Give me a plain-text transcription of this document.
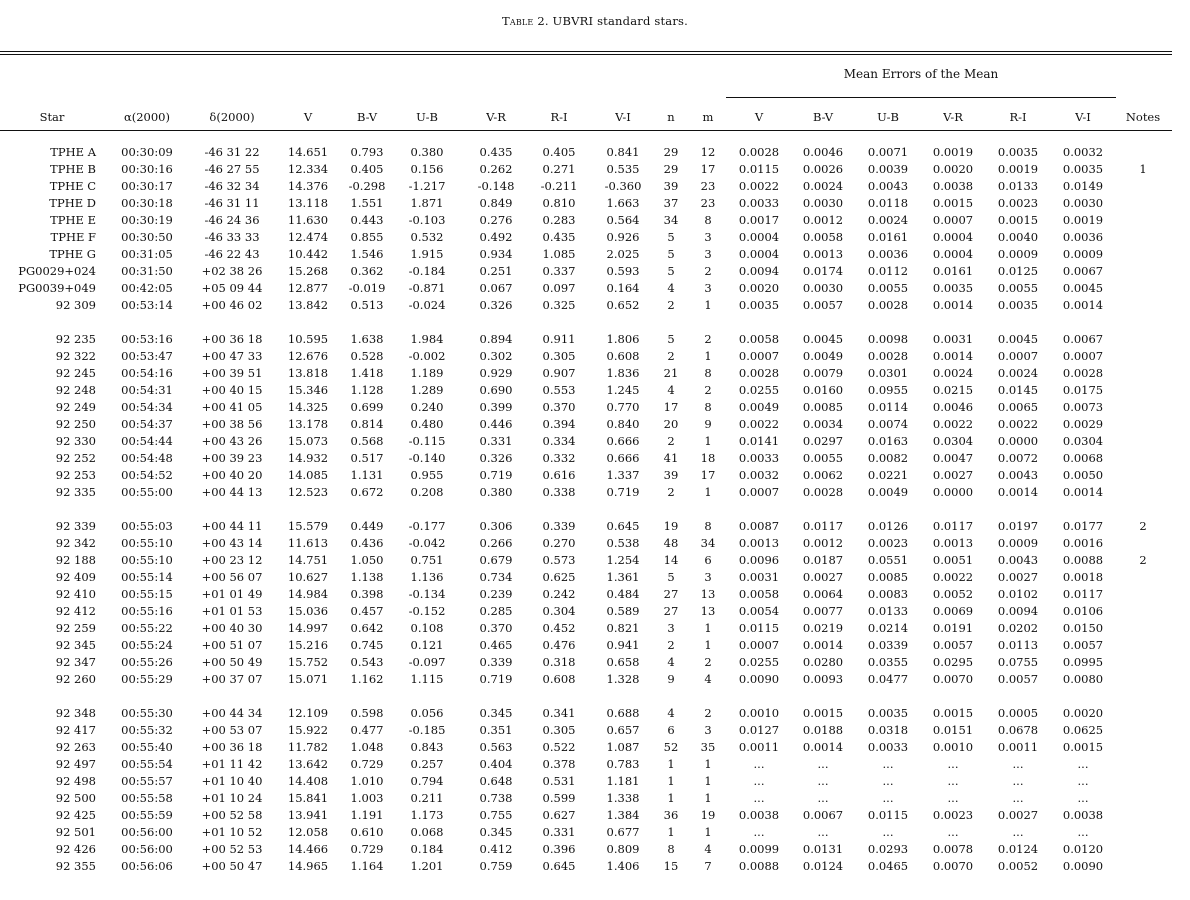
Table 2. UBVRI standard stars.
Mean Errors of the Mean
Star	α(2000)	δ(2000)	V	B-V	U-B	V-R	R-I	V-I	n	m	V	B-V	U-B	V-R	R-I	V-I	Notes
TPHE A	00:30:09	-46 31 22	14.651	0.793	0.380	0.435	0.405	0.841	29	12	0.0028	0.0046	0.0071	0.0019	0.0035	0.0032
TPHE B	00:30:16	-46 27 55	12.334	0.405	0.156	0.262	0.271	0.535	29	17	0.0115	0.0026	0.0039	0.0020	0.0019	0.0035	1
TPHE C	00:30:17	-46 32 34	14.376	-0.298	-1.217	-0.148	-0.211	-0.360	39	23	0.0022	0.0024	0.0043	0.0038	0.0133	0.0149
TPHE D	00:30:18	-46 31 11	13.118	1.551	1.871	0.849	0.810	1.663	37	23	0.0033	0.0030	0.0118	0.0015	0.0023	0.0030
TPHE E	00:30:19	-46 24 36	11.630	0.443	-0.103	0.276	0.283	0.564	34	8	0.0017	0.0012	0.0024	0.0007	0.0015	0.0019
TPHE F	00:30:50	-46 33 33	12.474	0.855	0.532	0.492	0.435	0.926	5	3	0.0004	0.0058	0.0161	0.0004	0.0040	0.0036
TPHE G	00:31:05	-46 22 43	10.442	1.546	1.915	0.934	1.085	2.025	5	3	0.0004	0.0013	0.0036	0.0004	0.0009	0.0009
PG0029+024	00:31:50	+02 38 26	15.268	0.362	-0.184	0.251	0.337	0.593	5	2	0.0094	0.0174	0.0112	0.0161	0.0125	0.0067
PG0039+049	00:42:05	+05 09 44	12.877	-0.019	-0.871	0.067	0.097	0.164	4	3	0.0020	0.0030	0.0055	0.0035	0.0055	0.0045
92 309	00:53:14	+00 46 02	13.842	0.513	-0.024	0.326	0.325	0.652	2	1	0.0035	0.0057	0.0028	0.0014	0.0035	0.0014
92 235	00:53:16	+00 36 18	10.595	1.638	1.984	0.894	0.911	1.806	5	2	0.0058	0.0045	0.0098	0.0031	0.0045	0.0067
92 322	00:53:47	+00 47 33	12.676	0.528	-0.002	0.302	0.305	0.608	2	1	0.0007	0.0049	0.0028	0.0014	0.0007	0.0007
92 245	00:54:16	+00 39 51	13.818	1.418	1.189	0.929	0.907	1.836	21	8	0.0028	0.0079	0.0301	0.0024	0.0024	0.0028
92 248	00:54:31	+00 40 15	15.346	1.128	1.289	0.690	0.553	1.245	4	2	0.0255	0.0160	0.0955	0.0215	0.0145	0.0175
92 249	00:54:34	+00 41 05	14.325	0.699	0.240	0.399	0.370	0.770	17	8	0.0049	0.0085	0.0114	0.0046	0.0065	0.0073
92 250	00:54:37	+00 38 56	13.178	0.814	0.480	0.446	0.394	0.840	20	9	0.0022	0.0034	0.0074	0.0022	0.0022	0.0029
92 330	00:54:44	+00 43 26	15.073	0.568	-0.115	0.331	0.334	0.666	2	1	0.0141	0.0297	0.0163	0.0304	0.0000	0.0304
92 252	00:54:48	+00 39 23	14.932	0.517	-0.140	0.326	0.332	0.666	41	18	0.0033	0.0055	0.0082	0.0047	0.0072	0.0068
92 253	00:54:52	+00 40 20	14.085	1.131	0.955	0.719	0.616	1.337	39	17	0.0032	0.0062	0.0221	0.0027	0.0043	0.0050
92 335	00:55:00	+00 44 13	12.523	0.672	0.208	0.380	0.338	0.719	2	1	0.0007	0.0028	0.0049	0.0000	0.0014	0.0014
92 339	00:55:03	+00 44 11	15.579	0.449	-0.177	0.306	0.339	0.645	19	8	0.0087	0.0117	0.0126	0.0117	0.0197	0.0177	2
92 342	00:55:10	+00 43 14	11.613	0.436	-0.042	0.266	0.270	0.538	48	34	0.0013	0.0012	0.0023	0.0013	0.0009	0.0016
92 188	00:55:10	+00 23 12	14.751	1.050	0.751	0.679	0.573	1.254	14	6	0.0096	0.0187	0.0551	0.0051	0.0043	0.0088	2
92 409	00:55:14	+00 56 07	10.627	1.138	1.136	0.734	0.625	1.361	5	3	0.0031	0.0027	0.0085	0.0022	0.0027	0.0018
92 410	00:55:15	+01 01 49	14.984	0.398	-0.134	0.239	0.242	0.484	27	13	0.0058	0.0064	0.0083	0.0052	0.0102	0.0117
92 412	00:55:16	+01 01 53	15.036	0.457	-0.152	0.285	0.304	0.589	27	13	0.0054	0.0077	0.0133	0.0069	0.0094	0.0106
92 259	00:55:22	+00 40 30	14.997	0.642	0.108	0.370	0.452	0.821	3	1	0.0115	0.0219	0.0214	0.0191	0.0202	0.0150
92 345	00:55:24	+00 51 07	15.216	0.745	0.121	0.465	0.476	0.941	2	1	0.0007	0.0014	0.0339	0.0057	0.0113	0.0057
92 347	00:55:26	+00 50 49	15.752	0.543	-0.097	0.339	0.318	0.658	4	2	0.0255	0.0280	0.0355	0.0295	0.0755	0.0995
92 260	00:55:29	+00 37 07	15.071	1.162	1.115	0.719	0.608	1.328	9	4	0.0090	0.0093	0.0477	0.0070	0.0057	0.0080
92 348	00:55:30	+00 44 34	12.109	0.598	0.056	0.345	0.341	0.688	4	2	0.0010	0.0015	0.0035	0.0015	0.0005	0.0020
92 417	00:55:32	+00 53 07	15.922	0.477	-0.185	0.351	0.305	0.657	6	3	0.0127	0.0188	0.0318	0.0151	0.0678	0.0625
92 263	00:55:40	+00 36 18	11.782	1.048	0.843	0.563	0.522	1.087	52	35	0.0011	0.0014	0.0033	0.0010	0.0011	0.0015
92 497	00:55:54	+01 11 42	13.642	0.729	0.257	0.404	0.378	0.783	1	1	...	...	...	...	...	...
92 498	00:55:57	+01 10 40	14.408	1.010	0.794	0.648	0.531	1.181	1	1	...	...	...	...	...	...
92 500	00:55:58	+01 10 24	15.841	1.003	0.211	0.738	0.599	1.338	1	1	...	...	...	...	...	...
92 425	00:55:59	+00 52 58	13.941	1.191	1.173	0.755	0.627	1.384	36	19	0.0038	0.0067	0.0115	0.0023	0.0027	0.0038
92 501	00:56:00	+01 10 52	12.058	0.610	0.068	0.345	0.331	0.677	1	1	...	...	...	...	...	...
92 426	00:56:00	+00 52 53	14.466	0.729	0.184	0.412	0.396	0.809	8	4	0.0099	0.0131	0.0293	0.0078	0.0124	0.0120
92 355	00:56:06	+00 50 47	14.965	1.164	1.201	0.759	0.645	1.406	15	7	0.0088	0.0124	0.0465	0.0070	0.0052	0.0090
